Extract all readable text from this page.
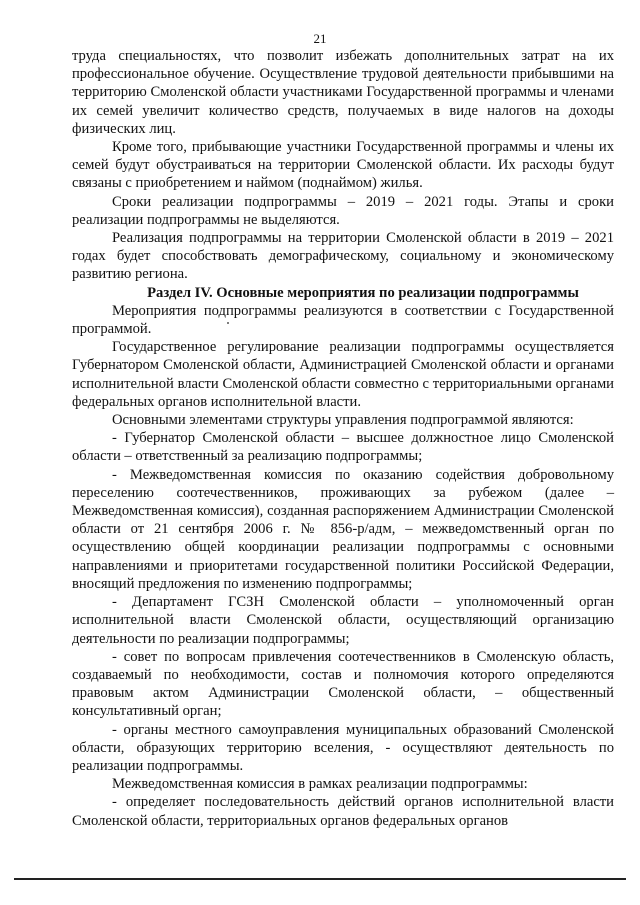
21

труда специальностях, что позволит избежать дополнительных затрат на их профессиональное обучение. Осуществление трудовой деятельности прибывшими на территорию Смоленской области участниками Государственной программы и членами их семей увеличит количество средств, получаемых в виде налогов на доходы физических лиц.

Кроме того, прибывающие участники Государственной программы и члены их семей будут обустраиваться на территории Смоленской области. Их расходы будут связаны с приобретением и наймом (поднаймом) жилья.

Сроки реализации подпрограммы – 2019 – 2021 годы. Этапы и сроки реализации подпрограммы не выделяются.

Реализация подпрограммы на территории Смоленской области в 2019 – 2021 годах будет способствовать демографическому, социальному и экономическому развитию региона.

Раздел IV. Основные мероприятия по реализации подпрограммы

Мероприятия подпрограммы реализуются в соответствии с Государственной программой.

Государственное регулирование реализации подпрограммы осуществляется Губернатором Смоленской области, Администрацией Смоленской области и органами исполнительной власти Смоленской области совместно с территориальными органами федеральных органов исполнительной власти.

Основными элементами структуры управления подпрограммой являются:

- Губернатор Смоленской области – высшее должностное лицо Смоленской области – ответственный за реализацию подпрограммы;

- Межведомственная комиссия по оказанию содействия добровольному переселению соотечественников, проживающих за рубежом (далее – Межведомственная комиссия), созданная распоряжением Администрации Смоленской области от 21 сентября 2006 г. № 856-р/адм, – межведомственный орган по осуществлению общей координации реализации подпрограммы с основными направлениями и приоритетами государственной политики Российской Федерации, вносящий предложения по изменению подпрограммы;

- Департамент ГСЗН Смоленской области – уполномоченный орган исполнительной власти Смоленской области, осуществляющий организацию деятельности по реализации подпрограммы;

- совет по вопросам привлечения соотечественников в Смоленскую область, создаваемый по необходимости, состав и полномочия которого определяются правовым актом Администрации Смоленской области, – общественный консультативный орган;

- органы местного самоуправления муниципальных образований Смоленской области, образующих территорию вселения, - осуществляют деятельность по реализации подпрограммы.

Межведомственная комиссия в рамках реализации подпрограммы:

- определяет последовательность действий органов исполнительной власти Смоленской области, территориальных органов федеральных органов
